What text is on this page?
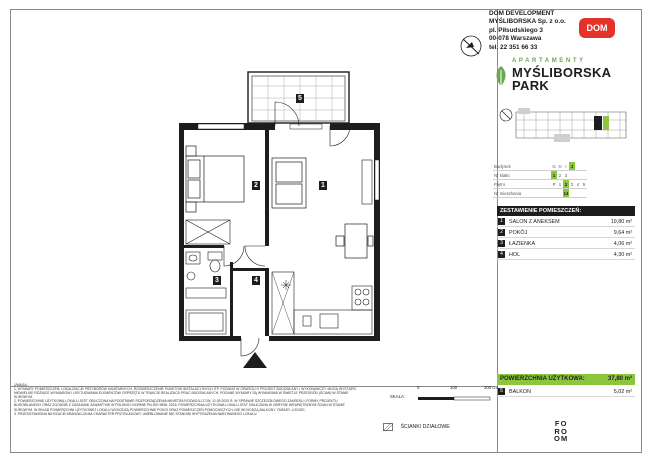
1
2
3	4
5
DOM DEVELOPMENT
MYŚLIBORSKA Sp. z o.o.
pl. Piłsudskiego 3
00-078 Warszawa
tel. 22 351 66 33
DOM
APARTAMENTY
MYŚLIBORSKA
PARK
Budynek	G	H	I	J		
Nr klatki	1	2	3			
Piętro	P	1	2	3	4	5
Nr mieszkania			14			
ZESTAWIENIE POMIESZCZEŃ:
1	SALON Z ANEKSEM	19,80 m²
2	POKÓJ	9,64 m²
3	ŁAZIENKA	4,06 m²
4	HOL	4,30 m²
POWIERZCHNIA UŻYTKOWA:	37,80 m²
5	BALKON	5,02 m²
UWAGA:
1. WYMIARY POMIESZCZEŃ, LOKALIZACJE PRZYBORÓW SANITARNYCH, ROZMIESZCZENIE PUNKTÓW INSTALACYJNYCH ITP. PODANO W OPARCIU O PROJEKT BUDOWLANY I WYKONAWCZY. MOGĄ WYSTĄPIĆ NIEWIELKIE RÓŻNICE WYMIARÓW I USYTUOWANIA ELEMENTÓW OSPRZĘTU W TRAKCIE REALIZACJI PRAC BUDOWLANYCH. PODANE WYMIARY SĄ WYMIARAMI W ŚWIETLE PRZEGRÓD (ŚCIAN) W STANIE SUROWYM.
2. POWIERZCHNIĘ UŻYTKOWĄ LOKALU JEST OBLICZONA NA PODSTAWIE ROZPORZĄDZENIA MINISTRA ROZWOJU Z DN. 11.09.2020 R. W SPRAWIE SZCZEGÓŁOWEGO ZAKRESU I FORMY PROJEKTU BUDOWLANEGO ORAZ ZGODNIE Z ZASADAMI ZAWARTYMI W POLSKIEJ NORMIE PN-ISO 9836: 2015. POWIERZCHNIA UŻYTKOWA LOKALU JEST OBLICZANA W OBRYSIE WEWNĘTRZNYM ŚCIAN W STANIE SUROWYM. W SKŁAD POWIERZCHNI UŻYTKOWEJ LOKALU WCHODZĄ POWIERZCHNIE POKOI ORAZ POMIESZCZEŃ POMOCNICZYCH, NIE WCHODZĄ BALKONY, TARASY, LOGGIE.
3. PRZEDSTAWIONA NA RZUCIE ARANŻACJA MA CHARAKTER PRZYKŁADOWY, UMEBLOWANIE NIE STANOWI WYPOSAŻENIA NABYWANEGO LOKALU.
SKALA:
0	100	200 cm
ŚCIANKI DZIAŁOWE	FO
RO
OM
